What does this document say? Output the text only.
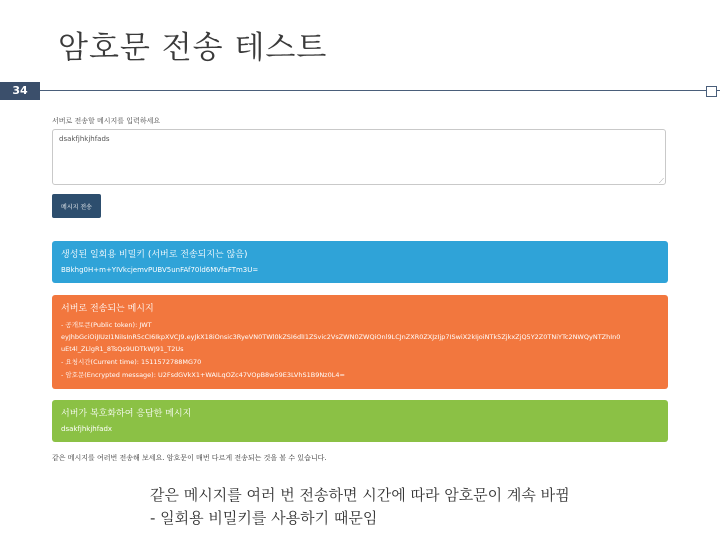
암호문 전송 테스트
34
서버로 전송할 메시지를 입력하세요
dsakfjhkjhfads
⟋
메시지 전송
생성된 일회용 비밀키 (서버로 전송되지는 않음)
BBkhg0H+m+YIVkcjemvPUBV5unFAf70ld6MVfaFTm3U=
서버로 전송되는 메시지
- 공개토큰(Public token): JWT
eyJhbGciOiJIUzI1NiIsInR5cCI6IkpXVCJ9.eyJkX18iOnsic3RyeVN0TWl0kZSI6dlI1ZSvic2VsZWN0ZWQiOnl9LCJnZXR0ZXJzIjp7ISwiX2kIjoiNTk5ZjkxZjQ5Y2Z0TNiYTc2NWQyNTZhIn0
uEt4l_ZLlgR1_8TsQs9UDTkWJ91_T2Us
- 요청시간(Current time): 1511572788MG70
- 암호문(Encrypted message): U2FsdGVkX1+WAILqOZc47VOpB8w59E3LVhS1B9Nz0L4=
서버가 복호화하여 응답한 메시지
dsakfjhkjhfadx
같은 메시지를 여러번 전송해 보세요. 암호문이 매번 다르게 전송되는 것을 볼 수 있습니다.
같은 메시지를 여러 번 전송하면 시간에 따라 암호문이 계속 바뀜
- 일회용 비밀키를 사용하기 때문임
